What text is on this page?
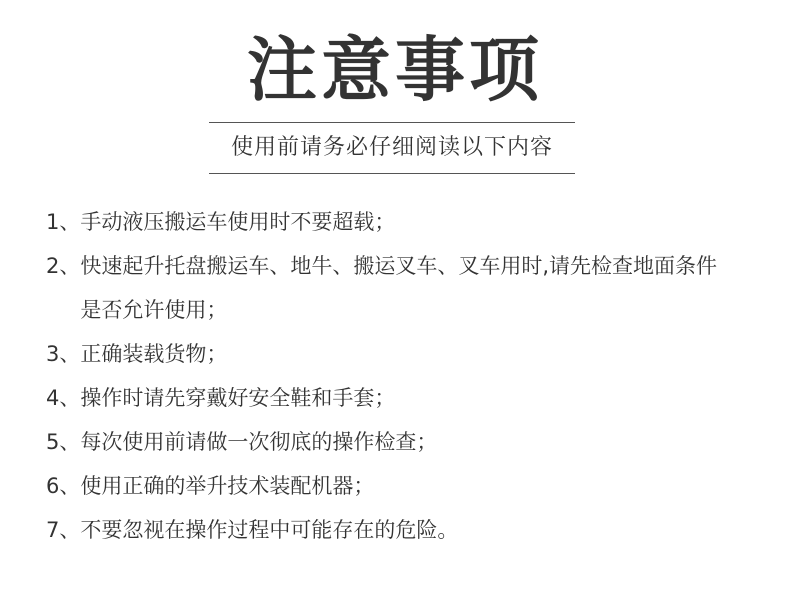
注意事项
使用前请务必仔细阅读以下内容
1、 手动液压搬运车使用时不要超载；
2、 快速起升托盘搬运车、地牛、搬运叉车、叉车用时,请先检查地面条件是否允许使用；
3、 正确装载货物；
4、 操作时请先穿戴好安全鞋和手套；
5、 每次使用前请做一次彻底的操作检查；
6、 使用正确的举升技术装配机器；
7、 不要忽视在操作过程中可能存在的危险。
